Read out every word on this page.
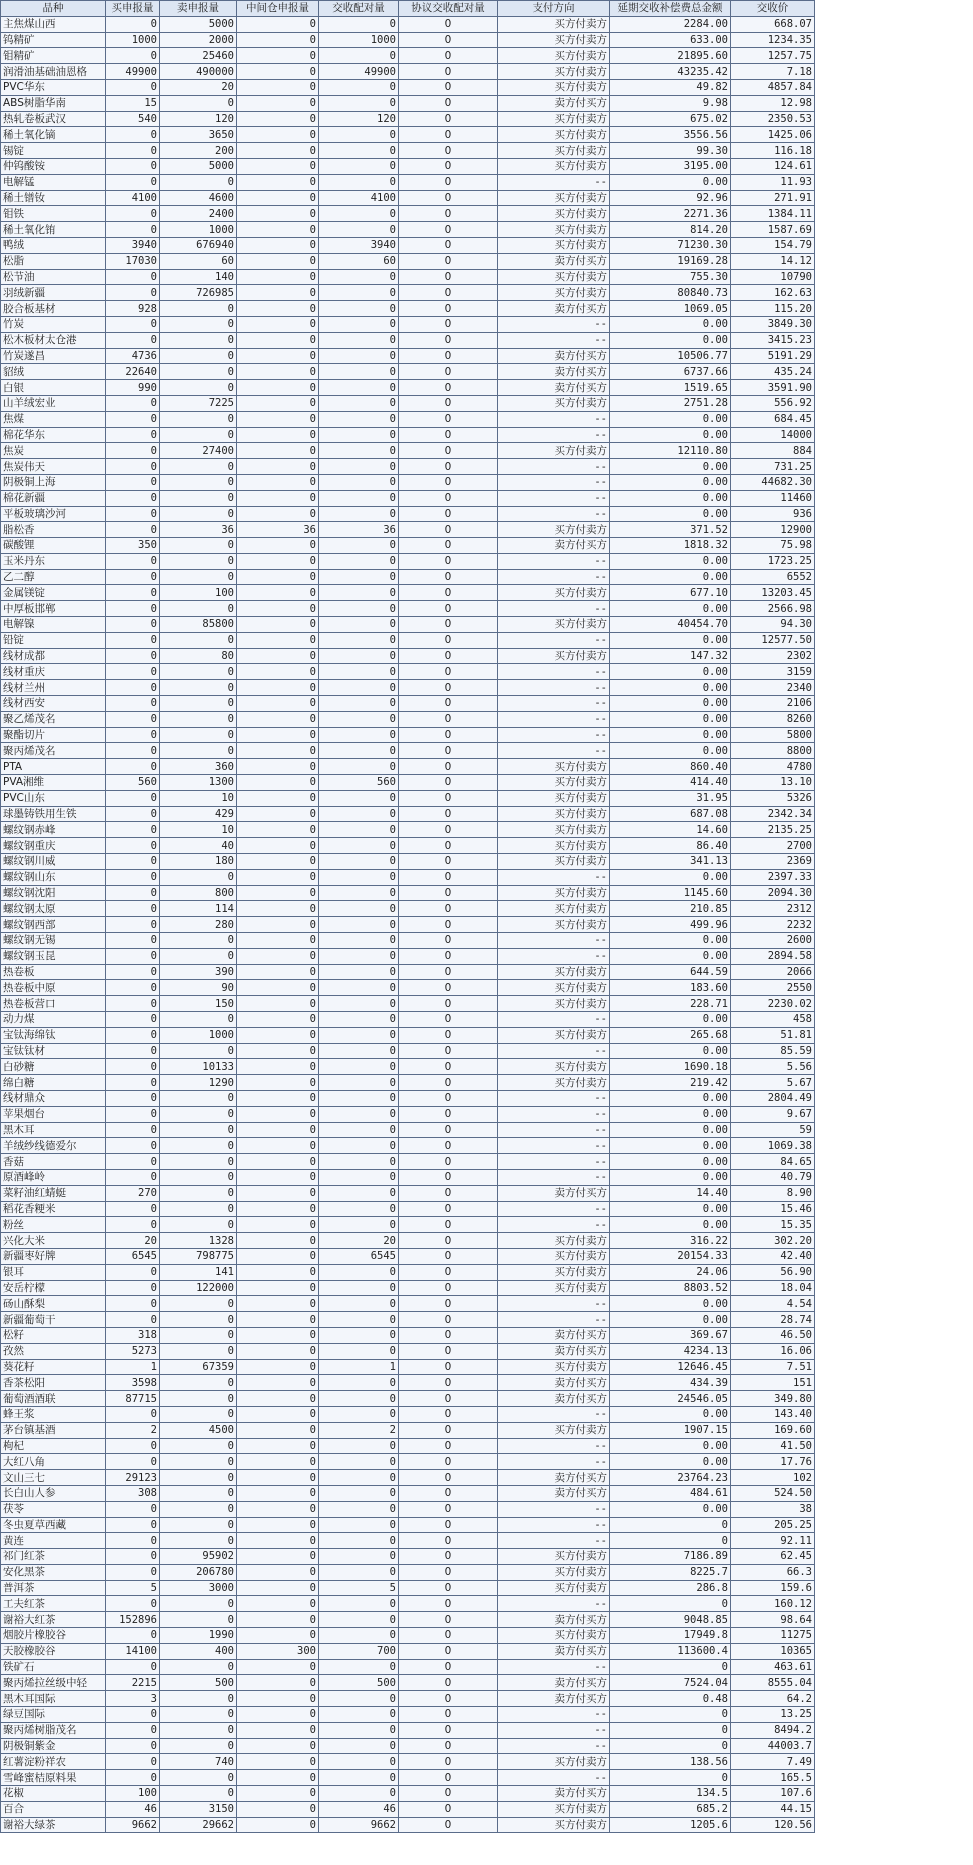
品种	买申报量	卖申报量	中间仓申报量	交收配对量	协议交收配对量	支付方向	延期交收补偿费总金额	交收价
主焦煤山西	0	5000	0	0	0	买方付卖方	2284.00	668.07
钨精矿	1000	2000	0	1000	0	买方付卖方	633.00	1234.35
钼精矿	0	25460	0	0	0	买方付卖方	21895.60	1257.75
润滑油基础油恩格	49900	490000	0	49900	0	买方付卖方	43235.42	7.18
PVC华东	0	20	0	0	0	买方付卖方	49.82	4857.84
ABS树脂华南	15	0	0	0	0	卖方付买方	9.98	12.98
热轧卷板武汉	540	120	0	120	0	买方付卖方	675.02	2350.53
稀土氧化镝	0	3650	0	0	0	买方付卖方	3556.56	1425.06
锡锭	0	200	0	0	0	买方付卖方	99.30	116.18
仲钨酸铵	0	5000	0	0	0	买方付卖方	3195.00	124.61
电解锰	0	0	0	0	0	--	0.00	11.93
稀土镨钕	4100	4600	0	4100	0	买方付卖方	92.96	271.91
钼铁	0	2400	0	0	0	买方付卖方	2271.36	1384.11
稀土氧化铕	0	1000	0	0	0	买方付卖方	814.20	1587.69
鸭绒	3940	676940	0	3940	0	买方付卖方	71230.30	154.79
松脂	17030	60	0	60	0	卖方付买方	19169.28	14.12
松节油	0	140	0	0	0	买方付卖方	755.30	10790
羽绒新疆	0	726985	0	0	0	买方付卖方	80840.73	162.63
胶合板基材	928	0	0	0	0	卖方付买方	1069.05	115.20
竹炭	0	0	0	0	0	--	0.00	3849.30
松木板材太仓港	0	0	0	0	0	--	0.00	3415.23
竹炭遂昌	4736	0	0	0	0	卖方付买方	10506.77	5191.29
貂绒	22640	0	0	0	0	卖方付买方	6737.66	435.24
白银	990	0	0	0	0	卖方付买方	1519.65	3591.90
山羊绒宏业	0	7225	0	0	0	买方付卖方	2751.28	556.92
焦煤	0	0	0	0	0	--	0.00	684.45
棉花华东	0	0	0	0	0	--	0.00	14000
焦炭	0	27400	0	0	0	买方付卖方	12110.80	884
焦炭伟天	0	0	0	0	0	--	0.00	731.25
阴极铜上海	0	0	0	0	0	--	0.00	44682.30
棉花新疆	0	0	0	0	0	--	0.00	11460
平板玻璃沙河	0	0	0	0	0	--	0.00	936
脂松香	0	36	36	36	0	买方付卖方	371.52	12900
碳酸锂	350	0	0	0	0	卖方付买方	1818.32	75.98
玉米丹东	0	0	0	0	0	--	0.00	1723.25
乙二醇	0	0	0	0	0	--	0.00	6552
金属镁锭	0	100	0	0	0	买方付卖方	677.10	13203.45
中厚板邯郸	0	0	0	0	0	--	0.00	2566.98
电解镍	0	85800	0	0	0	买方付卖方	40454.70	94.30
铅锭	0	0	0	0	0	--	0.00	12577.50
线材成都	0	80	0	0	0	买方付卖方	147.32	2302
线材重庆	0	0	0	0	0	--	0.00	3159
线材兰州	0	0	0	0	0	--	0.00	2340
线材西安	0	0	0	0	0	--	0.00	2106
聚乙烯茂名	0	0	0	0	0	--	0.00	8260
聚酯切片	0	0	0	0	0	--	0.00	5800
聚丙烯茂名	0	0	0	0	0	--	0.00	8800
PTA	0	360	0	0	0	买方付卖方	860.40	4780
PVA湘维	560	1300	0	560	0	买方付卖方	414.40	13.10
PVC山东	0	10	0	0	0	买方付卖方	31.95	5326
球墨铸铁用生铁	0	429	0	0	0	买方付卖方	687.08	2342.34
螺纹钢赤峰	0	10	0	0	0	买方付卖方	14.60	2135.25
螺纹钢重庆	0	40	0	0	0	买方付卖方	86.40	2700
螺纹钢川威	0	180	0	0	0	买方付卖方	341.13	2369
螺纹钢山东	0	0	0	0	0	--	0.00	2397.33
螺纹钢沈阳	0	800	0	0	0	买方付卖方	1145.60	2094.30
螺纹钢太原	0	114	0	0	0	买方付卖方	210.85	2312
螺纹钢西部	0	280	0	0	0	买方付卖方	499.96	2232
螺纹钢无锡	0	0	0	0	0	--	0.00	2600
螺纹钢玉昆	0	0	0	0	0	--	0.00	2894.58
热卷板	0	390	0	0	0	买方付卖方	644.59	2066
热卷板中原	0	90	0	0	0	买方付卖方	183.60	2550
热卷板营口	0	150	0	0	0	买方付卖方	228.71	2230.02
动力煤	0	0	0	0	0	--	0.00	458
宝钛海绵钛	0	1000	0	0	0	买方付卖方	265.68	51.81
宝钛钛材	0	0	0	0	0	--	0.00	85.59
白砂糖	0	10133	0	0	0	买方付卖方	1690.18	5.56
绵白糖	0	1290	0	0	0	买方付卖方	219.42	5.67
线材鼎众	0	0	0	0	0	--	0.00	2804.49
苹果烟台	0	0	0	0	0	--	0.00	9.67
黑木耳	0	0	0	0	0	--	0.00	59
羊绒纱线德爱尔	0	0	0	0	0	--	0.00	1069.38
香菇	0	0	0	0	0	--	0.00	84.65
原酒峰岭	0	0	0	0	0	--	0.00	40.79
菜籽油红蜻蜓	270	0	0	0	0	卖方付买方	14.40	8.90
稻花香粳米	0	0	0	0	0	--	0.00	15.46
粉丝	0	0	0	0	0	--	0.00	15.35
兴化大米	20	1328	0	20	0	买方付卖方	316.22	302.20
新疆枣好牌	6545	798775	0	6545	0	买方付卖方	20154.33	42.40
银耳	0	141	0	0	0	买方付卖方	24.06	56.90
安岳柠檬	0	122000	0	0	0	买方付卖方	8803.52	18.04
砀山酥梨	0	0	0	0	0	--	0.00	4.54
新疆葡萄干	0	0	0	0	0	--	0.00	28.74
松籽	318	0	0	0	0	卖方付买方	369.67	46.50
孜然	5273	0	0	0	0	卖方付买方	4234.13	16.06
葵花籽	1	67359	0	1	0	买方付卖方	12646.45	7.51
香茶松阳	3598	0	0	0	0	卖方付买方	434.39	151
葡萄酒酒联	87715	0	0	0	0	卖方付买方	24546.05	349.80
蜂王浆	0	0	0	0	0	--	0.00	143.40
茅台镇基酒	2	4500	0	2	0	买方付卖方	1907.15	169.60
枸杞	0	0	0	0	0	--	0.00	41.50
大红八角	0	0	0	0	0	--	0.00	17.76
文山三七	29123	0	0	0	0	卖方付买方	23764.23	102
长白山人参	308	0	0	0	0	卖方付买方	484.61	524.50
茯苓	0	0	0	0	0	--	0.00	38
冬虫夏草西藏	0	0	0	0	0	--	0	205.25
黄连	0	0	0	0	0	--	0	92.11
祁门红茶	0	95902	0	0	0	买方付卖方	7186.89	62.45
安化黑茶	0	206780	0	0	0	买方付卖方	8225.7	66.3
普洱茶	5	3000	0	5	0	买方付卖方	286.8	159.6
工夫红茶	0	0	0	0	0	--	0	160.12
谢裕大红茶	152896	0	0	0	0	卖方付买方	9048.85	98.64
烟胶片橡胶谷	0	1990	0	0	0	买方付卖方	17949.8	11275
天胶橡胶谷	14100	400	300	700	0	卖方付买方	113600.4	10365
铁矿石	0	0	0	0	0	--	0	463.61
聚丙烯拉丝级中轻	2215	500	0	500	0	卖方付买方	7524.04	8555.04
黑木耳国际	3	0	0	0	0	卖方付买方	0.48	64.2
绿豆国际	0	0	0	0	0	--	0	13.25
聚丙烯树脂茂名	0	0	0	0	0	--	0	8494.2
阴极铜紫金	0	0	0	0	0	--	0	44003.7
红薯淀粉祥农	0	740	0	0	0	买方付卖方	138.56	7.49
雪峰蜜桔原料果	0	0	0	0	0	--	0	165.5
花椒	100	0	0	0	0	卖方付买方	134.5	107.6
百合	46	3150	0	46	0	买方付卖方	685.2	44.15
谢裕大绿茶	9662	29662	0	9662	0	买方付卖方	1205.6	120.56
